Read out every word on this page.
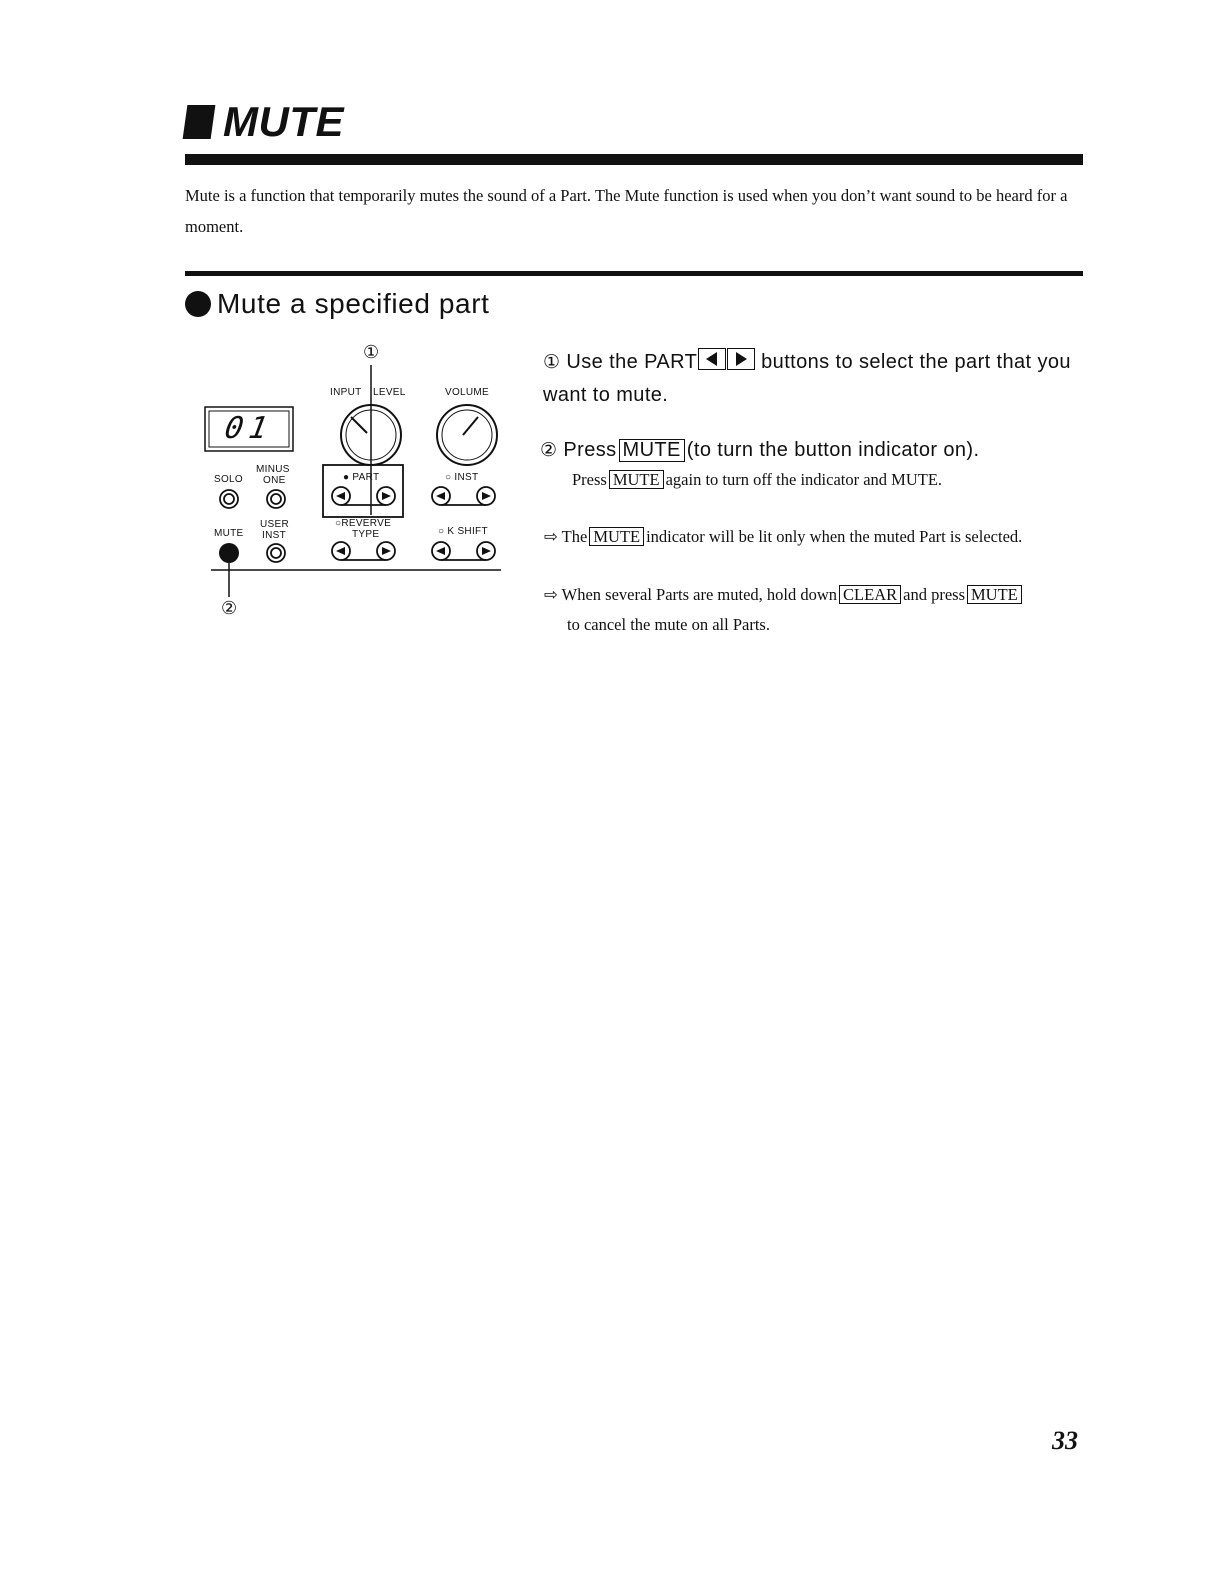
MUTE
Mute is a function that temporarily mutes the sound of a Part. The Mute function is used when you don’t want sound to be heard for a moment.
Mute a specified part
①
②
01
INPUT LEVEL	VOLUME
MINUS
ONE
SOLO	● PART	○ INST
USER
INST
MUTE
○REVERVE
TYPE	○ K SHIFT
① Use the PART	buttons to select the part that you want to mute.
② Press MUTE (to turn the button indicator on).
Press MUTE again to turn off the indicator and MUTE.
⇨ The MUTE indicator will be lit only when the muted Part is selected.
⇨ When several Parts are muted, hold down CLEAR and press MUTE
to cancel the mute on all Parts.
33
